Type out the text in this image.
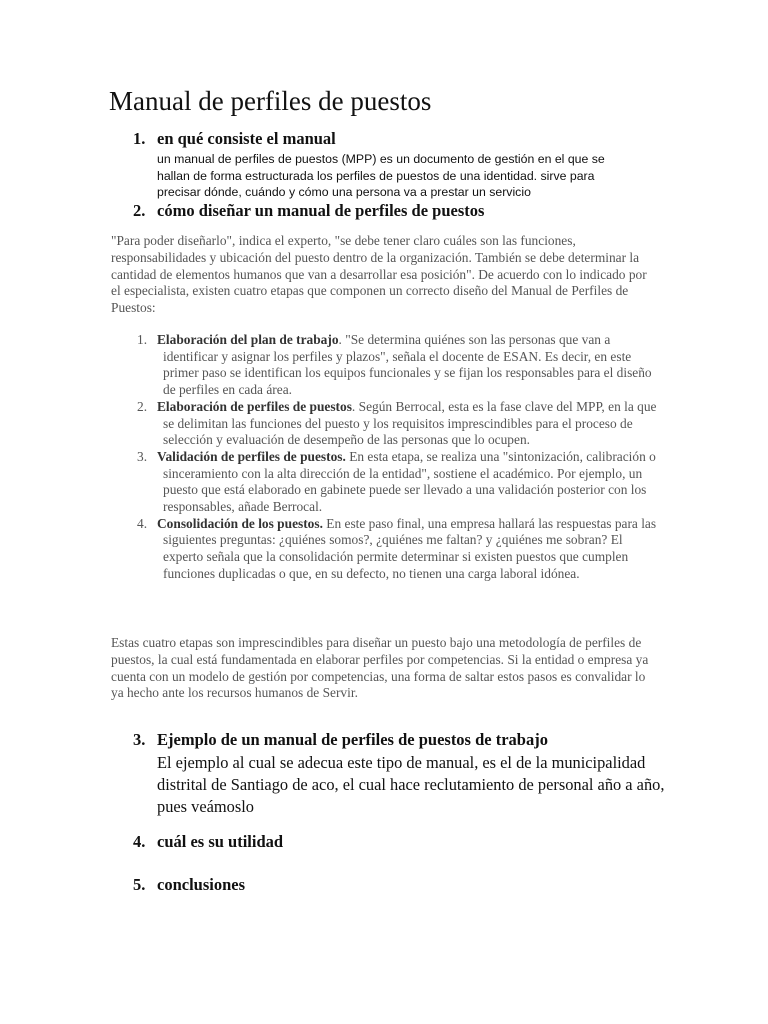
Manual de perfiles de puestos
1. en qué consiste el manual
un manual de perfiles de puestos (MPP) es un documento de gestión en el que se hallan de forma estructurada los perfiles de puestos de una identidad. sirve para precisar dónde, cuándo y cómo una persona va a prestar un servicio
2. cómo diseñar un manual de perfiles de puestos
"Para poder diseñarlo", indica el experto, "se debe tener claro cuáles son las funciones, responsabilidades y ubicación del puesto dentro de la organización. También se debe determinar la cantidad de elementos humanos que van a desarrollar esa posición". De acuerdo con lo indicado por el especialista, existen cuatro etapas que componen un correcto diseño del Manual de Perfiles de Puestos:
1. Elaboración del plan de trabajo. "Se determina quiénes son las personas que van a identificar y asignar los perfiles y plazos", señala el docente de ESAN. Es decir, en este primer paso se identifican los equipos funcionales y se fijan los responsables para el diseño de perfiles en cada área.
2. Elaboración de perfiles de puestos. Según Berrocal, esta es la fase clave del MPP, en la que se delimitan las funciones del puesto y los requisitos imprescindibles para el proceso de selección y evaluación de desempeño de las personas que lo ocupen.
3. Validación de perfiles de puestos. En esta etapa, se realiza una "sintonización, calibración o sinceramiento con la alta dirección de la entidad", sostiene el académico. Por ejemplo, un puesto que está elaborado en gabinete puede ser llevado a una validación posterior con los responsables, añade Berrocal.
4. Consolidación de los puestos. En este paso final, una empresa hallará las respuestas para las siguientes preguntas: ¿quiénes somos?, ¿quiénes me faltan? y ¿quiénes me sobran? El experto señala que la consolidación permite determinar si existen puestos que cumplen funciones duplicadas o que, en su defecto, no tienen una carga laboral idónea.
Estas cuatro etapas son imprescindibles para diseñar un puesto bajo una metodología de perfiles de puestos, la cual está fundamentada en elaborar perfiles por competencias. Si la entidad o empresa ya cuenta con un modelo de gestión por competencias, una forma de saltar estos pasos es convalidar lo ya hecho ante los recursos humanos de Servir.
3. Ejemplo de un manual de perfiles de puestos de trabajo
El ejemplo al cual se adecua este tipo de manual, es el de la municipalidad distrital de Santiago de aco, el cual hace reclutamiento de personal año a año, pues veámoslo
4. cuál es su utilidad
5. conclusiones
